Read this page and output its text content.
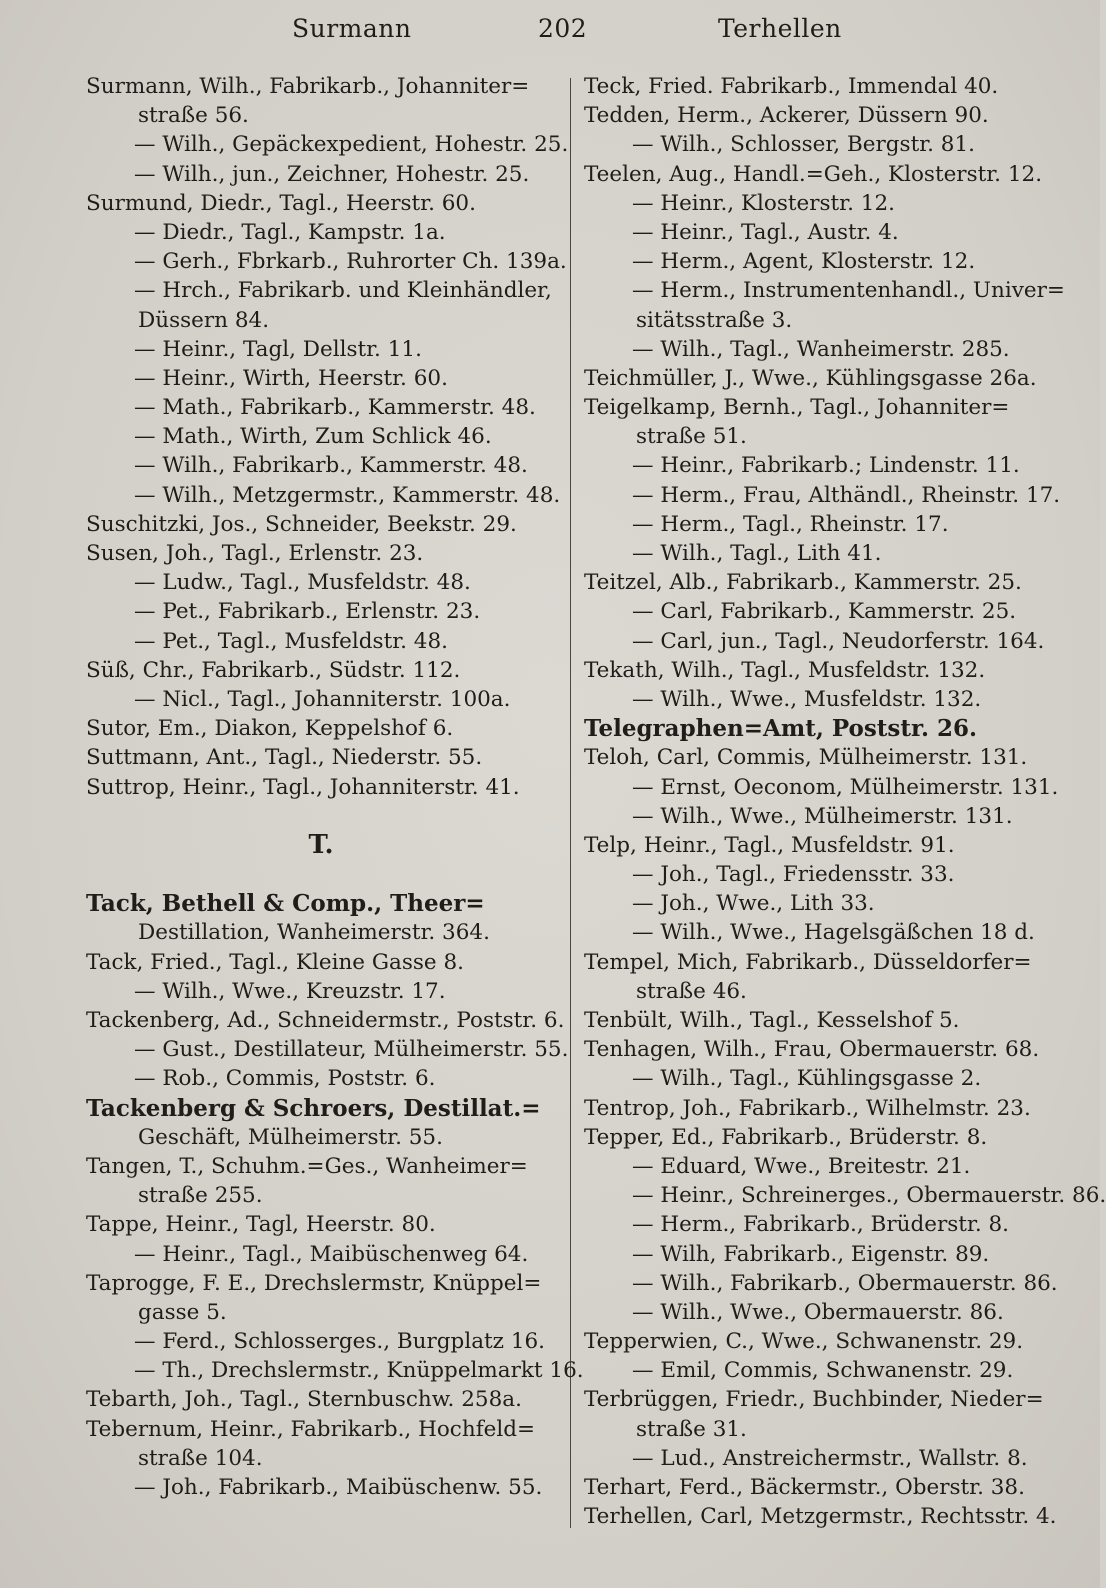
Surmann	202	Terhellen
Surmann, Wilh., Fabrikarb., Johanniter=
straße 56.
— Wilh., Gepäckexpedient, Hohestr. 25.
— Wilh., jun., Zeichner, Hohestr. 25.
Surmund, Diedr., Tagl., Heerstr. 60.
— Diedr., Tagl., Kampstr. 1a.
— Gerh., Fbrkarb., Ruhrorter Ch. 139a.
— Hrch., Fabrikarb. und Kleinhändler,
Düssern 84.
— Heinr., Tagl, Dellstr. 11.
— Heinr., Wirth, Heerstr. 60.
— Math., Fabrikarb., Kammerstr. 48.
— Math., Wirth, Zum Schlick 46.
— Wilh., Fabrikarb., Kammerstr. 48.
— Wilh., Metzgermstr., Kammerstr. 48.
Suschitzki, Jos., Schneider, Beekstr. 29.
Susen, Joh., Tagl., Erlenstr. 23.
— Ludw., Tagl., Musfeldstr. 48.
— Pet., Fabrikarb., Erlenstr. 23.
— Pet., Tagl., Musfeldstr. 48.
Süß, Chr., Fabrikarb., Südstr. 112.
— Nicl., Tagl., Johanniterstr. 100a.
Sutor, Em., Diakon, Keppelshof 6.
Suttmann, Ant., Tagl., Niederstr. 55.
Suttrop, Heinr., Tagl., Johanniterstr. 41.
T.
Tack, Bethell & Comp., Theer=
Destillation, Wanheimerstr. 364.
Tack, Fried., Tagl., Kleine Gasse 8.
— Wilh., Wwe., Kreuzstr. 17.
Tackenberg, Ad., Schneidermstr., Poststr. 6.
— Gust., Destillateur, Mülheimerstr. 55.
— Rob., Commis, Poststr. 6.
Tackenberg & Schroers, Destillat.=
Geschäft, Mülheimerstr. 55.
Tangen, T., Schuhm.=Ges., Wanheimer=
straße 255.
Tappe, Heinr., Tagl, Heerstr. 80.
— Heinr., Tagl., Maibüschenweg 64.
Taprogge, F. E., Drechslermstr, Knüppel=
gasse 5.
— Ferd., Schlosserges., Burgplatz 16.
— Th., Drechslermstr., Knüppelmarkt 16.
Tebarth, Joh., Tagl., Sternbuschw. 258a.
Tebernum, Heinr., Fabrikarb., Hochfeld=
straße 104.
— Joh., Fabrikarb., Maibüschenw. 55.
Teck, Fried. Fabrikarb., Immendal 40.
Tedden, Herm., Ackerer, Düssern 90.
— Wilh., Schlosser, Bergstr. 81.
Teelen, Aug., Handl.=Geh., Klosterstr. 12.
— Heinr., Klosterstr. 12.
— Heinr., Tagl., Austr. 4.
— Herm., Agent, Klosterstr. 12.
— Herm., Instrumentenhandl., Univer=
sitätsstraße 3.
— Wilh., Tagl., Wanheimerstr. 285.
Teichmüller, J., Wwe., Kühlingsgasse 26a.
Teigelkamp, Bernh., Tagl., Johanniter=
straße 51.
— Heinr., Fabrikarb.; Lindenstr. 11.
— Herm., Frau, Althändl., Rheinstr. 17.
— Herm., Tagl., Rheinstr. 17.
— Wilh., Tagl., Lith 41.
Teitzel, Alb., Fabrikarb., Kammerstr. 25.
— Carl, Fabrikarb., Kammerstr. 25.
— Carl, jun., Tagl., Neudorferstr. 164.
Tekath, Wilh., Tagl., Musfeldstr. 132.
— Wilh., Wwe., Musfeldstr. 132.
Telegraphen=Amt, Poststr. 26.
Teloh, Carl, Commis, Mülheimerstr. 131.
— Ernst, Oeconom, Mülheimerstr. 131.
— Wilh., Wwe., Mülheimerstr. 131.
Telp, Heinr., Tagl., Musfeldstr. 91.
— Joh., Tagl., Friedensstr. 33.
— Joh., Wwe., Lith 33.
— Wilh., Wwe., Hagelsgäßchen 18 d.
Tempel, Mich, Fabrikarb., Düsseldorfer=
straße 46.
Tenbült, Wilh., Tagl., Kesselshof 5.
Tenhagen, Wilh., Frau, Obermauerstr. 68.
— Wilh., Tagl., Kühlingsgasse 2.
Tentrop, Joh., Fabrikarb., Wilhelmstr. 23.
Tepper, Ed., Fabrikarb., Brüderstr. 8.
— Eduard, Wwe., Breitestr. 21.
— Heinr., Schreinerges., Obermauerstr. 86.
— Herm., Fabrikarb., Brüderstr. 8.
— Wilh, Fabrikarb., Eigenstr. 89.
— Wilh., Fabrikarb., Obermauerstr. 86.
— Wilh., Wwe., Obermauerstr. 86.
Tepperwien, C., Wwe., Schwanenstr. 29.
— Emil, Commis, Schwanenstr. 29.
Terbrüggen, Friedr., Buchbinder, Nieder=
straße 31.
— Lud., Anstreichermstr., Wallstr. 8.
Terhart, Ferd., Bäckermstr., Oberstr. 38.
Terhellen, Carl, Metzgermstr., Rechtsstr. 4.
